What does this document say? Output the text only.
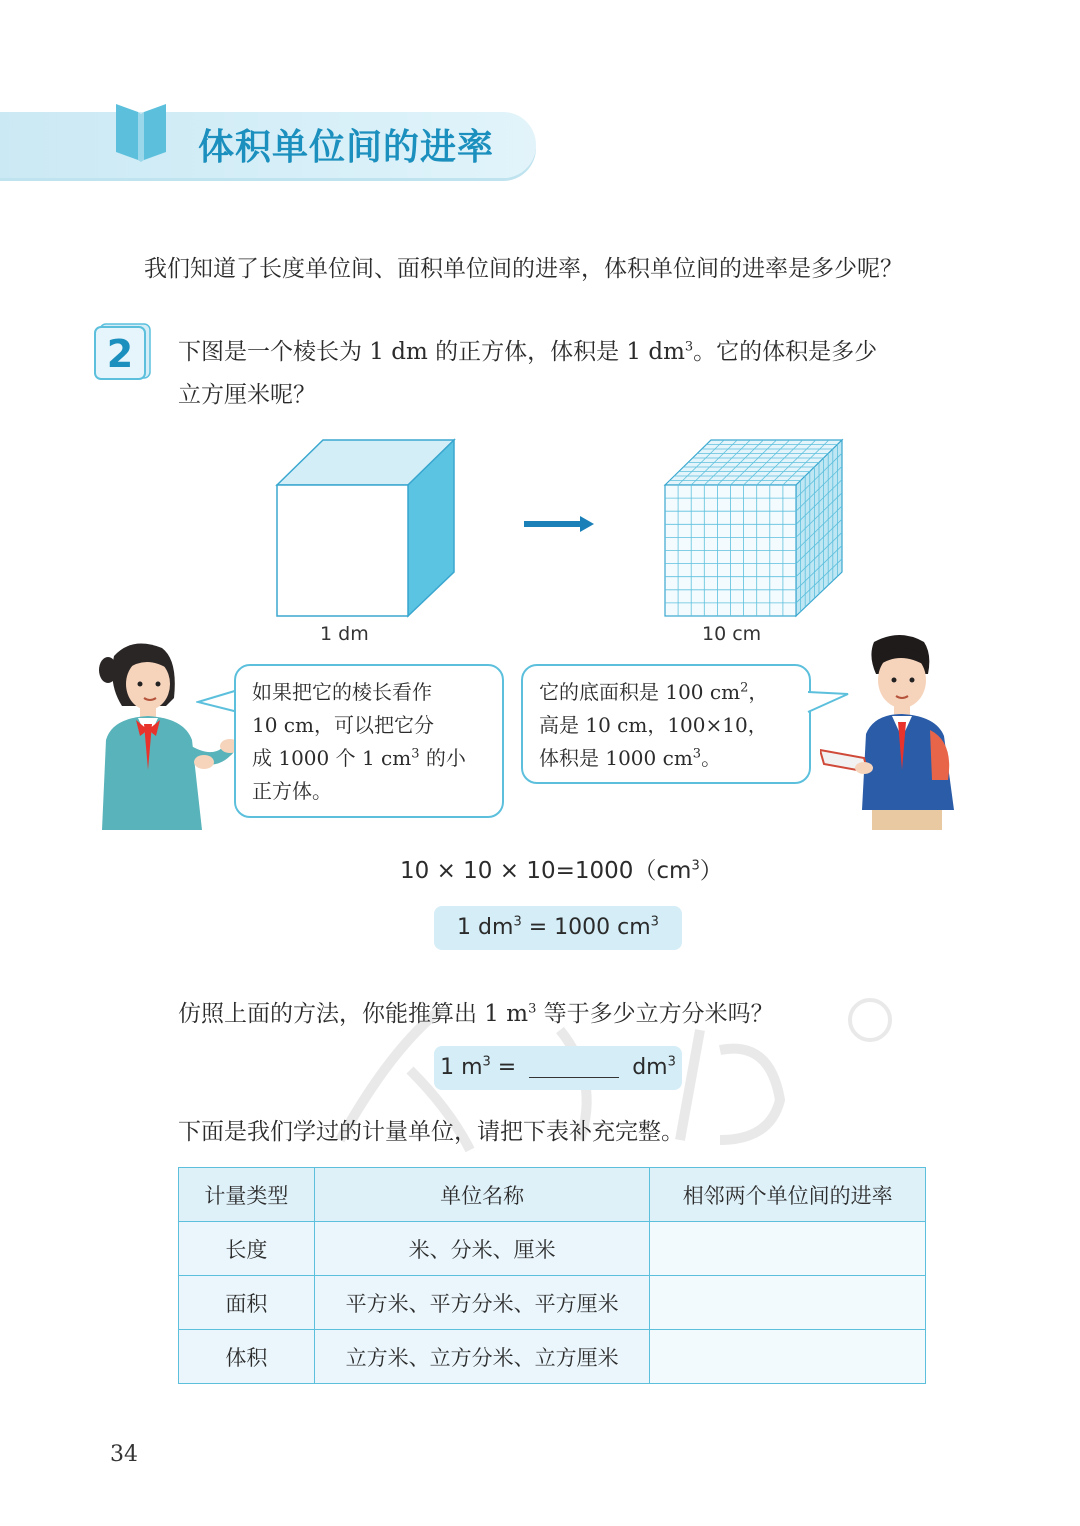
体积单位间的进率
我们知道了长度单位间、面积单位间的进率，体积单位间的进率是多少呢？
2 下图是一个棱长为 1 dm 的正方体，体积是 1 $dm^3$。它的体积是多少
立方厘米呢？
1 dm	10 cm
如果把它的棱长看作
10 cm，可以把它分
成 1000 个 1 $cm^3$ 的小
正方体。
它的底面积是 100 $cm^2$，
高是 10 cm，100×10，
体积是 1000 $cm^3$。
$10 \times 10 \times 10=1000(cm^3)$
1 $dm^3 = 1000$ $cm^3$
仿照上面的方法，你能推算出 1 $m^3$ 等于多少立方分米吗？
1 $m^3$ =	$dm^3$
下面是我们学过的计量单位，请把下表补充完整。
计量类型	单位名称	相邻两个单位间的进率
长度	米、分米、厘米	
面积	平方米、平方分米、平方厘米	
体积	立方米、立方分米、立方厘米	
34
